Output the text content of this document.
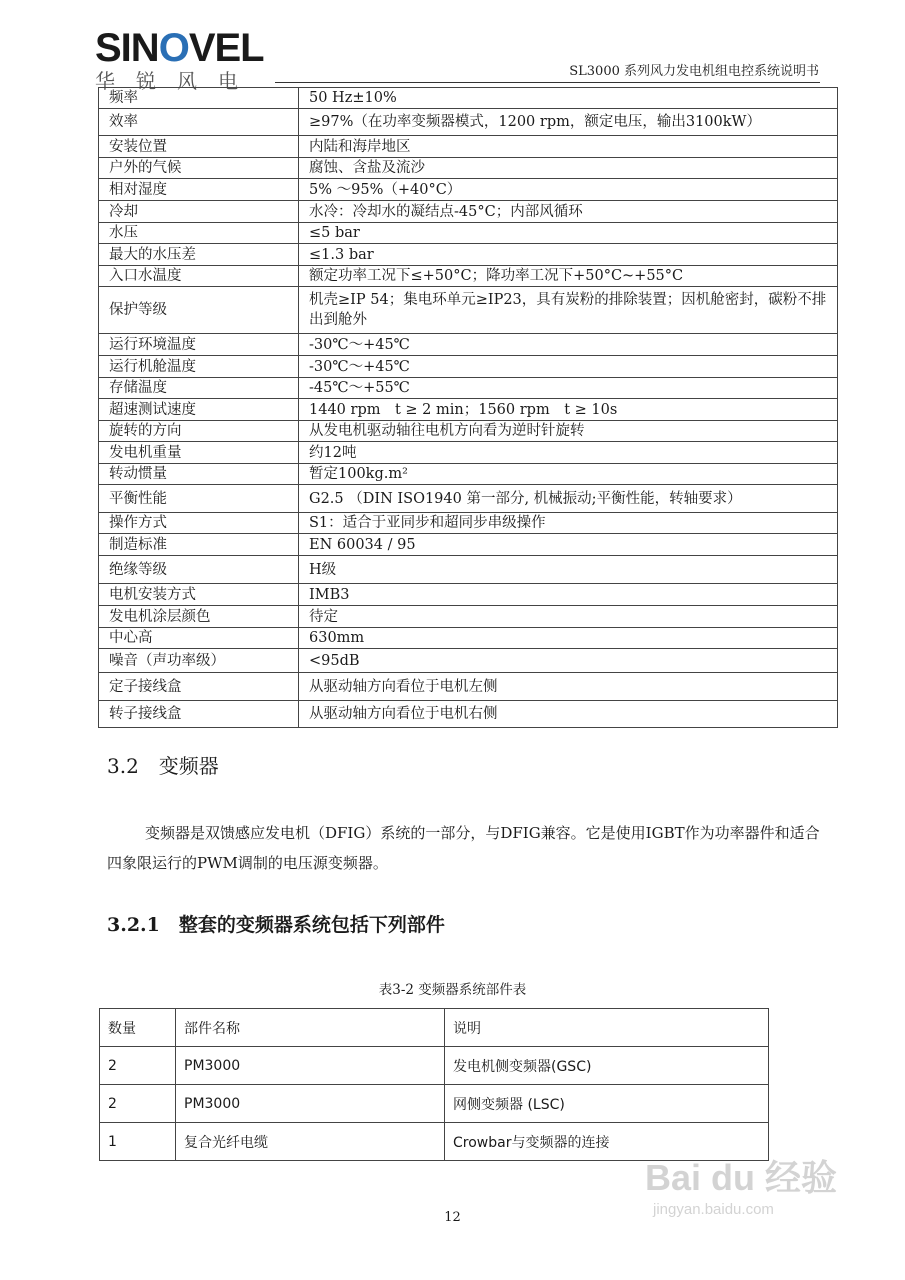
SINOVEL
华锐风电	SL3000 系列风力发电机组电控系统说明书
频率	50 Hz±10%
效率	≥97%（在功率变频器模式，1200 rpm，额定电压，输出3100kW）
安装位置	内陆和海岸地区
户外的气候	腐蚀、含盐及流沙
相对湿度	5% ～95%（+40°C）
冷却	水冷：冷却水的凝结点-45°C；内部风循环
水压	≤5 bar
最大的水压差	≤1.3 bar
入口水温度	额定功率工况下≤+50°C；降功率工况下+50°C~+55°C
保护等级	机壳≥IP 54；集电环单元≥IP23，具有炭粉的排除装置；因机舱密封，碳粉不排出到舱外
运行环境温度	-30℃～+45℃
运行机舱温度	-30℃～+45℃
存储温度	-45℃～+55℃
超速测试速度	1440 rpm　t ≥ 2 min；1560 rpm　t ≥ 10s
旋转的方向	从发电机驱动轴往电机方向看为逆时针旋转
发电机重量	约12吨
转动惯量	暂定100kg.m²
平衡性能	G2.5 （DIN ISO1940 第一部分, 机械振动;平衡性能，转轴要求）
操作方式	S1：适合于亚同步和超同步串级操作
制造标准	EN 60034 / 95
绝缘等级	H级
电机安装方式	IMB3
发电机涂层颜色	待定
中心高	630mm
噪音（声功率级）	<95dB
定子接线盒	从驱动轴方向看位于电机左侧
转子接线盒	从驱动轴方向看位于电机右侧
3.2　变频器
变频器是双馈感应发电机（DFIG）系统的一部分，与DFIG兼容。它是使用IGBT作为功率器件和适合四象限运行的PWM调制的电压源变频器。
3.2.1　整套的变频器系统包括下列部件
表3-2 变频器系统部件表
数量	部件名称	说明
2	PM3000	发电机侧变频器(GSC)
2	PM3000	网侧变频器 (LSC)
1	复合光纤电缆	Crowbar与变频器的连接
12
Bai du 经验
jingyan.baidu.com
